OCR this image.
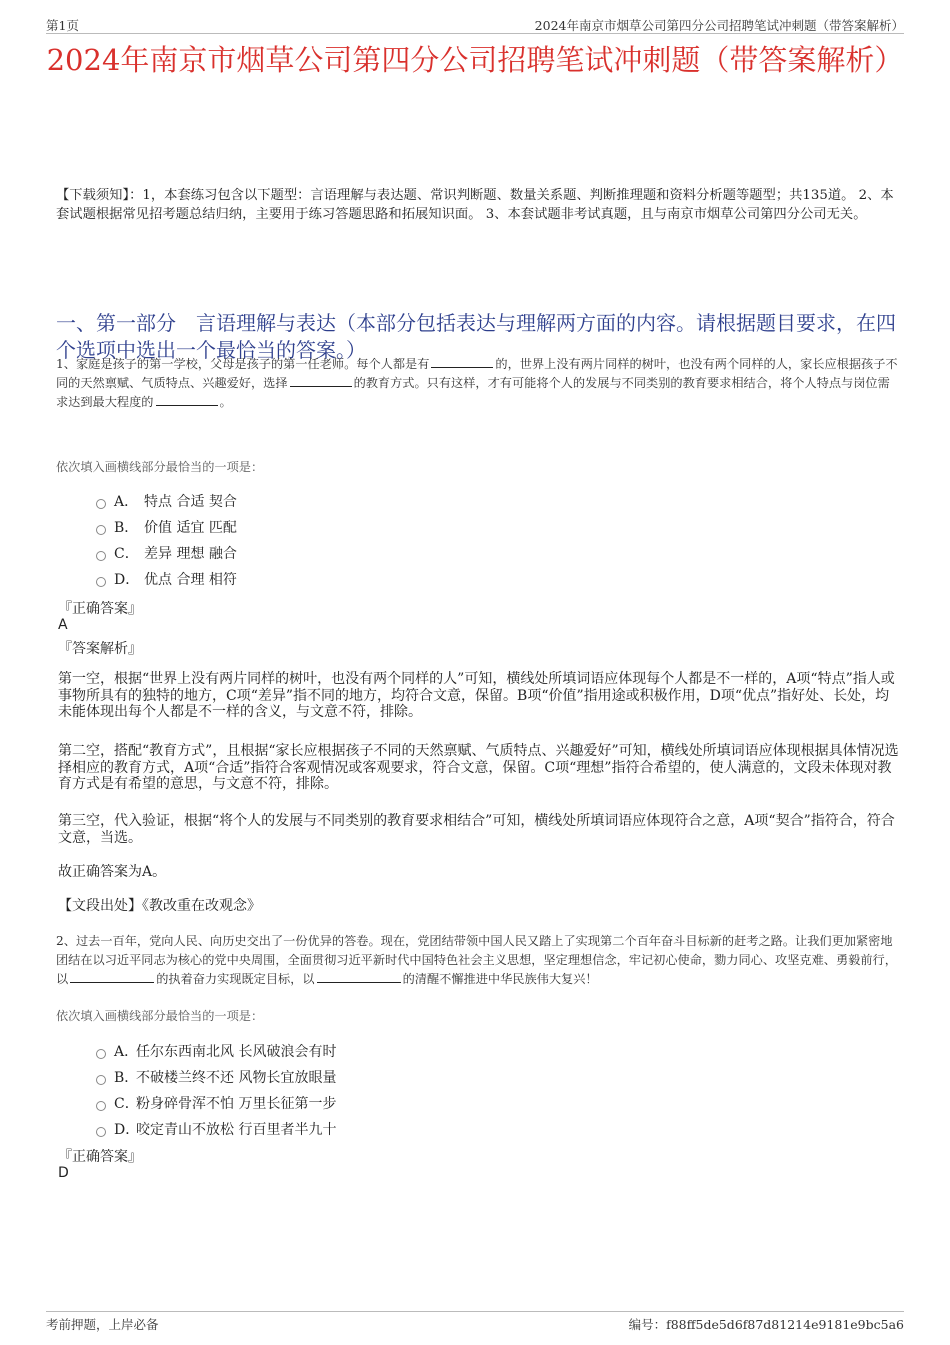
第1页	2024年南京市烟草公司第四分公司招聘笔试冲刺题（带答案解析）
2024年南京市烟草公司第四分公司招聘笔试冲刺题（带答案解析）
【下载须知】：1，本套练习包含以下题型：言语理解与表达题、常识判断题、数量关系题、判断推理题和资料分析题等题型；共135道。 2、本套试题根据常见招考题总结归纳，主要用于练习答题思路和拓展知识面。 3、本套试题非考试真题，且与南京市烟草公司第四分公司无关。
一、第一部分　言语理解与表达（本部分包括表达与理解两方面的内容。请根据题目要求，在四个选项中选出一个最恰当的答案。）
1、家庭是孩子的第一学校，父母是孩子的第一任老师。每个人都是有	的，世界上没有两片同样的树叶，也没有两个同样的人，家长应根据孩子不同的天然禀赋、气质特点、兴趣爱好，选择	的教育方式。只有这样，才有可能将个人的发展与不同类别的教育要求相结合，将个人特点与岗位需求达到最大程度的	。
依次填入画横线部分最恰当的一项是：
A． 特点 合适 契合
B． 价值 适宜 匹配
C． 差异 理想 融合
D． 优点 合理 相符
『正确答案』
A
『答案解析』
第一空，根据“世界上没有两片同样的树叶，也没有两个同样的人”可知，横线处所填词语应体现每个人都是不一样的，A项“特点”指人或事物所具有的独特的地方，C项“差异”指不同的地方，均符合文意，保留。B项“价值”指用途或积极作用，D项“优点”指好处、长处，均未能体现出每个人都是不一样的含义，与文意不符，排除。
第二空，搭配“教育方式”，且根据“家长应根据孩子不同的天然禀赋、气质特点、兴趣爱好”可知，横线处所填词语应体现根据具体情况选择相应的教育方式，A项“合适”指符合客观情况或客观要求，符合文意，保留。C项“理想”指符合希望的，使人满意的，文段未体现对教育方式是有希望的意思，与文意不符，排除。
第三空，代入验证，根据“将个人的发展与不同类别的教育要求相结合”可知，横线处所填词语应体现符合之意，A项“契合”指符合，符合文意，当选。
故正确答案为A。
【文段出处】《教改重在改观念》
2、过去一百年，党向人民、向历史交出了一份优异的答卷。现在，党团结带领中国人民又踏上了实现第二个百年奋斗目标新的赶考之路。让我们更加紧密地团结在以习近平同志为核心的党中央周围，全面贯彻习近平新时代中国特色社会主义思想，坚定理想信念，牢记初心使命，勠力同心、攻坚克难、勇毅前行，以	的执着奋力实现既定目标，以	的清醒不懈推进中华民族伟大复兴！
依次填入画横线部分最恰当的一项是：
A．
任尔东西南北风 长风破浪会有时
B．
不破楼兰终不还 风物长宜放眼量
C．
粉身碎骨浑不怕 万里长征第一步
D．
咬定青山不放松 行百里者半九十
『正确答案』
D
考前押题，上岸必备	编号：f88ff5de5d6f87d81214e9181e9bc5a6
